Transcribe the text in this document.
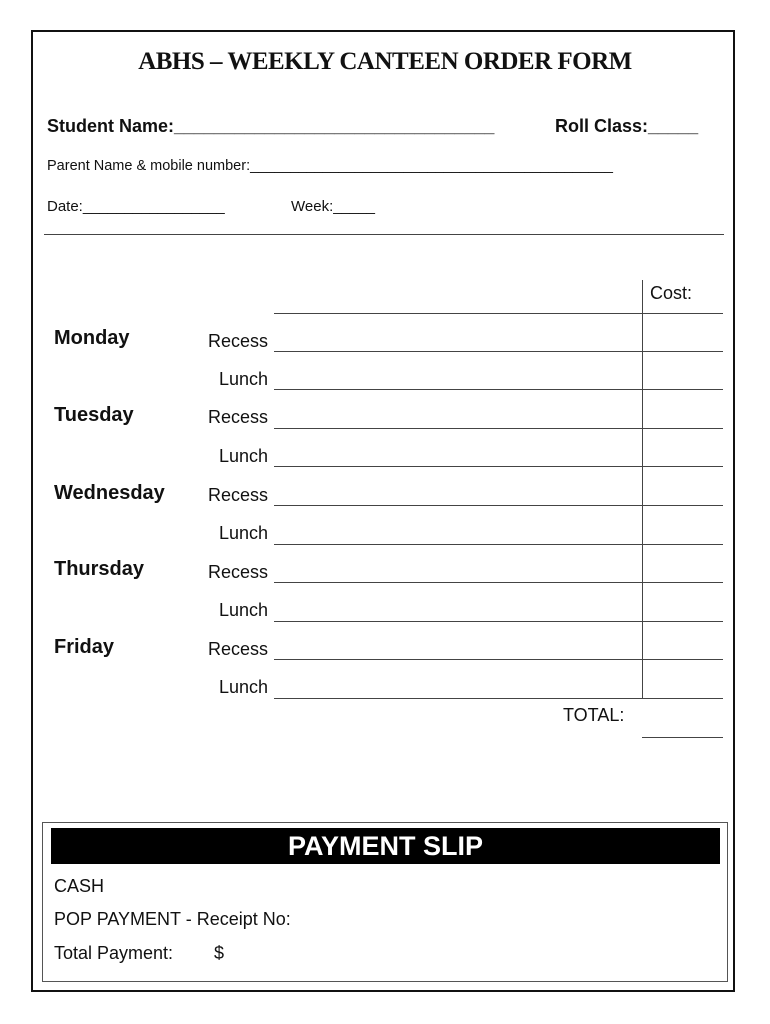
ABHS – WEEKLY CANTEEN ORDER FORM
Student Name:________________________________	Roll Class:_____
Parent Name & mobile number:_____________________________________________
Date:_________________	Week:_____
Cost:
Monday	Recess
Lunch
Tuesday	Recess
Lunch
Wednesday	Recess
Lunch
Thursday	Recess
Lunch
Friday	Recess
Lunch
TOTAL:
PAYMENT SLIP
CASH
POP PAYMENT - Receipt No:
Total Payment: $
